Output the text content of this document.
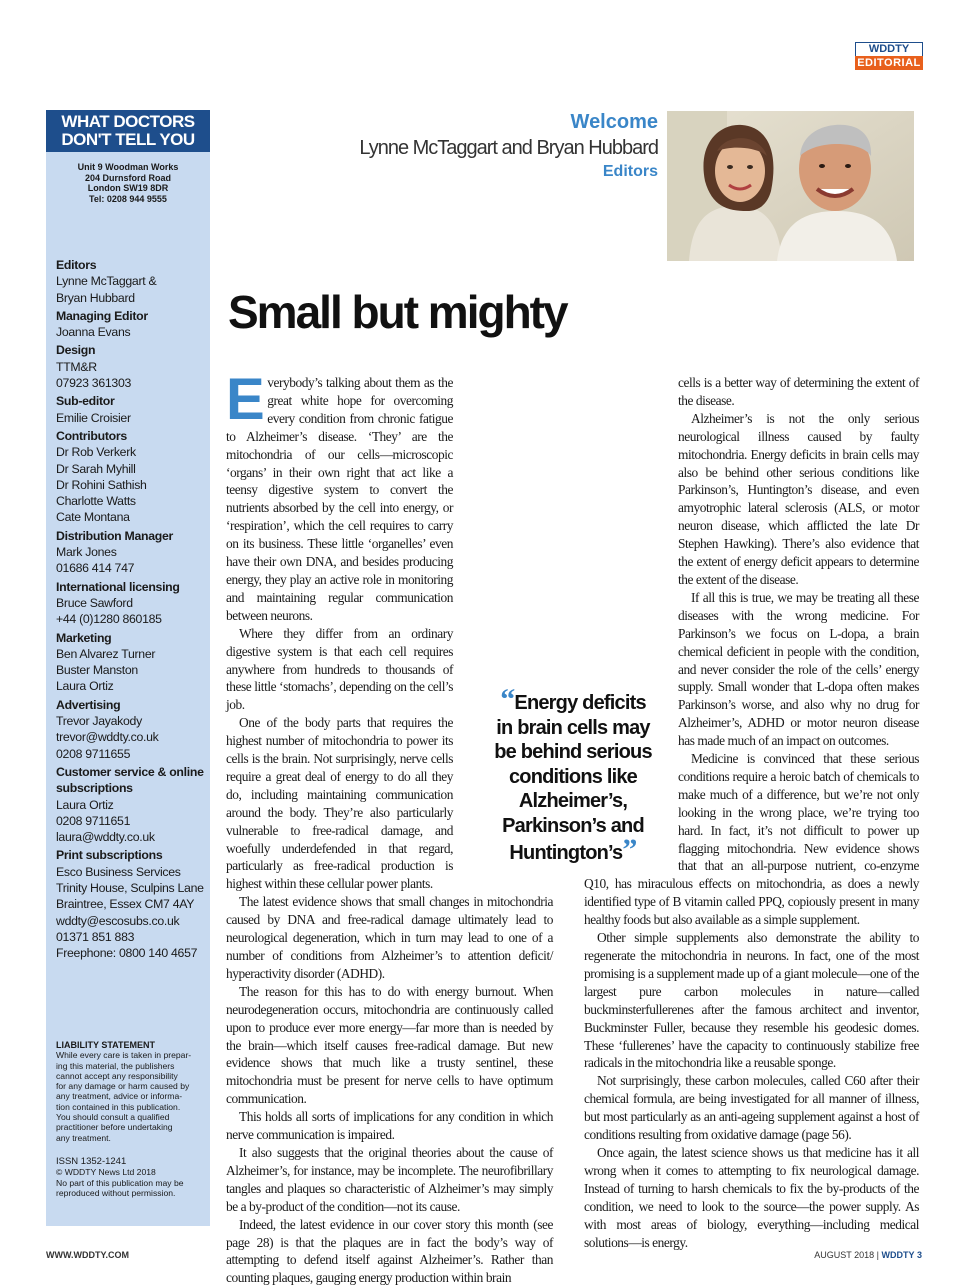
WDDTY
EDITORIAL
WHAT DOCTORS
DON'T TELL YOU
Unit 9 Woodman Works
204 Durnsford Road
London SW19 8DR
Tel: 0208 944 9555
Editors
Lynne McTaggart &
Bryan Hubbard
Managing Editor
Joanna Evans
Design
TTM&R
07923 361303
Sub-editor
Emilie Croisier
Contributors
Dr Rob Verkerk
Dr Sarah Myhill
Dr Rohini Sathish
Charlotte Watts
Cate Montana
Distribution Manager
Mark Jones
01686 414 747
International licensing
Bruce Sawford
+44 (0)1280 860185
Marketing
Ben Alvarez Turner
Buster Manston
Laura Ortiz
Advertising
Trevor Jayakody
trevor@wddty.co.uk
0208 9711655
Customer service & online subscriptions
Laura Ortiz
0208 9711651
laura@wddty.co.uk
Print subscriptions
Esco Business Services
Trinity House, Sculpins Lane
Braintree, Essex CM7 4AY
wddty@escosubs.co.uk
01371 851 883
Freephone: 0800 140 4657
LIABILITY STATEMENT
While every care is taken in prepar-
ing this material, the publishers
cannot accept any responsibility
for any damage or harm caused by
any treatment, advice or informa-
tion contained in this publication.
You should consult a qualified
practitioner before undertaking
any treatment.
ISSN 1352-1241
© WDDTY News Ltd 2018
No part of this publication may be
reproduced without permission.
Welcome
Lynne McTaggart and Bryan Hubbard
Editors
Small but mighty
E verybody’s talking about them as the great white hope for overcoming every condition from chronic fatigue to Alzheimer’s disease. ‘They’ are the mitochondria of our cells—microscopic ‘organs’ in their own right that act like a teensy digestive system to convert the nutrients absorbed by the cell into energy, or ‘respiration’, which the cell requires to carry on its business. These little ‘organelles’ even have their own DNA, and besides producing energy, they play an active role in monitoring and maintaining regular communication between neurons.

Where they differ from an ordinary digestive system is that each cell requires anywhere from hundreds to thousands of these little ‘stomachs’, depending on the cell’s job.

One of the body parts that requires the highest number of mitochondria to power its cells is the brain. Not surprisingly, nerve cells require a great deal of energy to do all they do, including maintaining communication around the body. They’re also particularly vulnerable to free-radical damage, and woefully underdefended in that regard, particularly as free-radical production is highest within these cellular power plants.

The latest evidence shows that small changes in mitochondria caused by DNA and free-radical damage ultimately lead to neurological degeneration, which in turn may lead to one of a number of conditions from Alzheimer’s to attention deficit/ hyperactivity disorder (ADHD).

The reason for this has to do with energy burnout. When neurodegeneration occurs, mitochondria are continuously called upon to produce ever more energy—far more than is needed by the brain—which itself causes free-radical damage. But new evidence shows that much like a trusty sentinel, these mitochondria must be present for nerve cells to have optimum communication.

This holds all sorts of implications for any condition in which nerve communication is impaired.

It also suggests that the original theories about the cause of Alzheimer’s, for instance, may be incomplete. The neurofibrillary tangles and plaques so characteristic of Alzheimer’s may simply be a by-product of the condition—not its cause.

Indeed, the latest evidence in our cover story this month (see page 28) is that the plaques are in fact the body’s way of attempting to defend itself against Alzheimer’s. Rather than counting plaques, gauging energy production within brain

“Energy deficits in brain cells may be behind serious conditions like Alzheimer’s, Parkinson’s and Huntington’s”

cells is a better way of determining the extent of the disease.

Alzheimer’s is not the only serious neurological illness caused by faulty mitochondria. Energy deficits in brain cells may also be behind other serious conditions like Parkinson’s, Huntington’s disease, and even amyotrophic lateral sclerosis (ALS, or motor neuron disease, which afflicted the late Dr Stephen Hawking). There’s also evidence that the extent of energy deficit appears to determine the extent of the disease.

If all this is true, we may be treating all these diseases with the wrong medicine. For Parkinson’s we focus on L-dopa, a brain chemical deficient in people with the condition, and never consider the role of the cells’ energy supply. Small wonder that L-dopa often makes Parkinson’s worse, and also why no drug for Alzheimer’s, ADHD or motor neuron disease has made much of an impact on outcomes.

Medicine is convinced that these serious conditions require a heroic batch of chemicals to make much of a difference, but we’re not only looking in the wrong place, we’re trying too hard. In fact, it’s not difficult to power up flagging mitochondria. New evidence shows that that an all-purpose nutrient, co-enzyme Q10, has miraculous effects on mitochondria, as does a newly identified type of B vitamin called PPQ, copiously present in many healthy foods but also available as a simple supplement.

Other simple supplements also demonstrate the ability to regenerate the mitochondria in neurons. In fact, one of the most promising is a supplement made up of a giant molecule—one of the largest pure carbon molecules in nature—called buckminsterfullerenes after the famous architect and inventor, Buckminster Fuller, because they resemble his geodesic domes. These ‘fullerenes’ have the capacity to continuously stabilize free radicals in the mitochondria like a reusable sponge.

Not surprisingly, these carbon molecules, called C60 after their chemical formula, are being investigated for all manner of illness, but most particularly as an anti-ageing supplement against a host of conditions resulting from oxidative damage (page 56).

Once again, the latest science shows us that medicine has it all wrong when it comes to attempting to fix neurological damage. Instead of turning to harsh chemicals to fix the by-products of the condition, we need to look to the source—the power supply. As with most areas of biology, everything—including medical solutions—is energy.

WWW.WDDTY.COM	AUGUST 2018 | WDDTY 3
